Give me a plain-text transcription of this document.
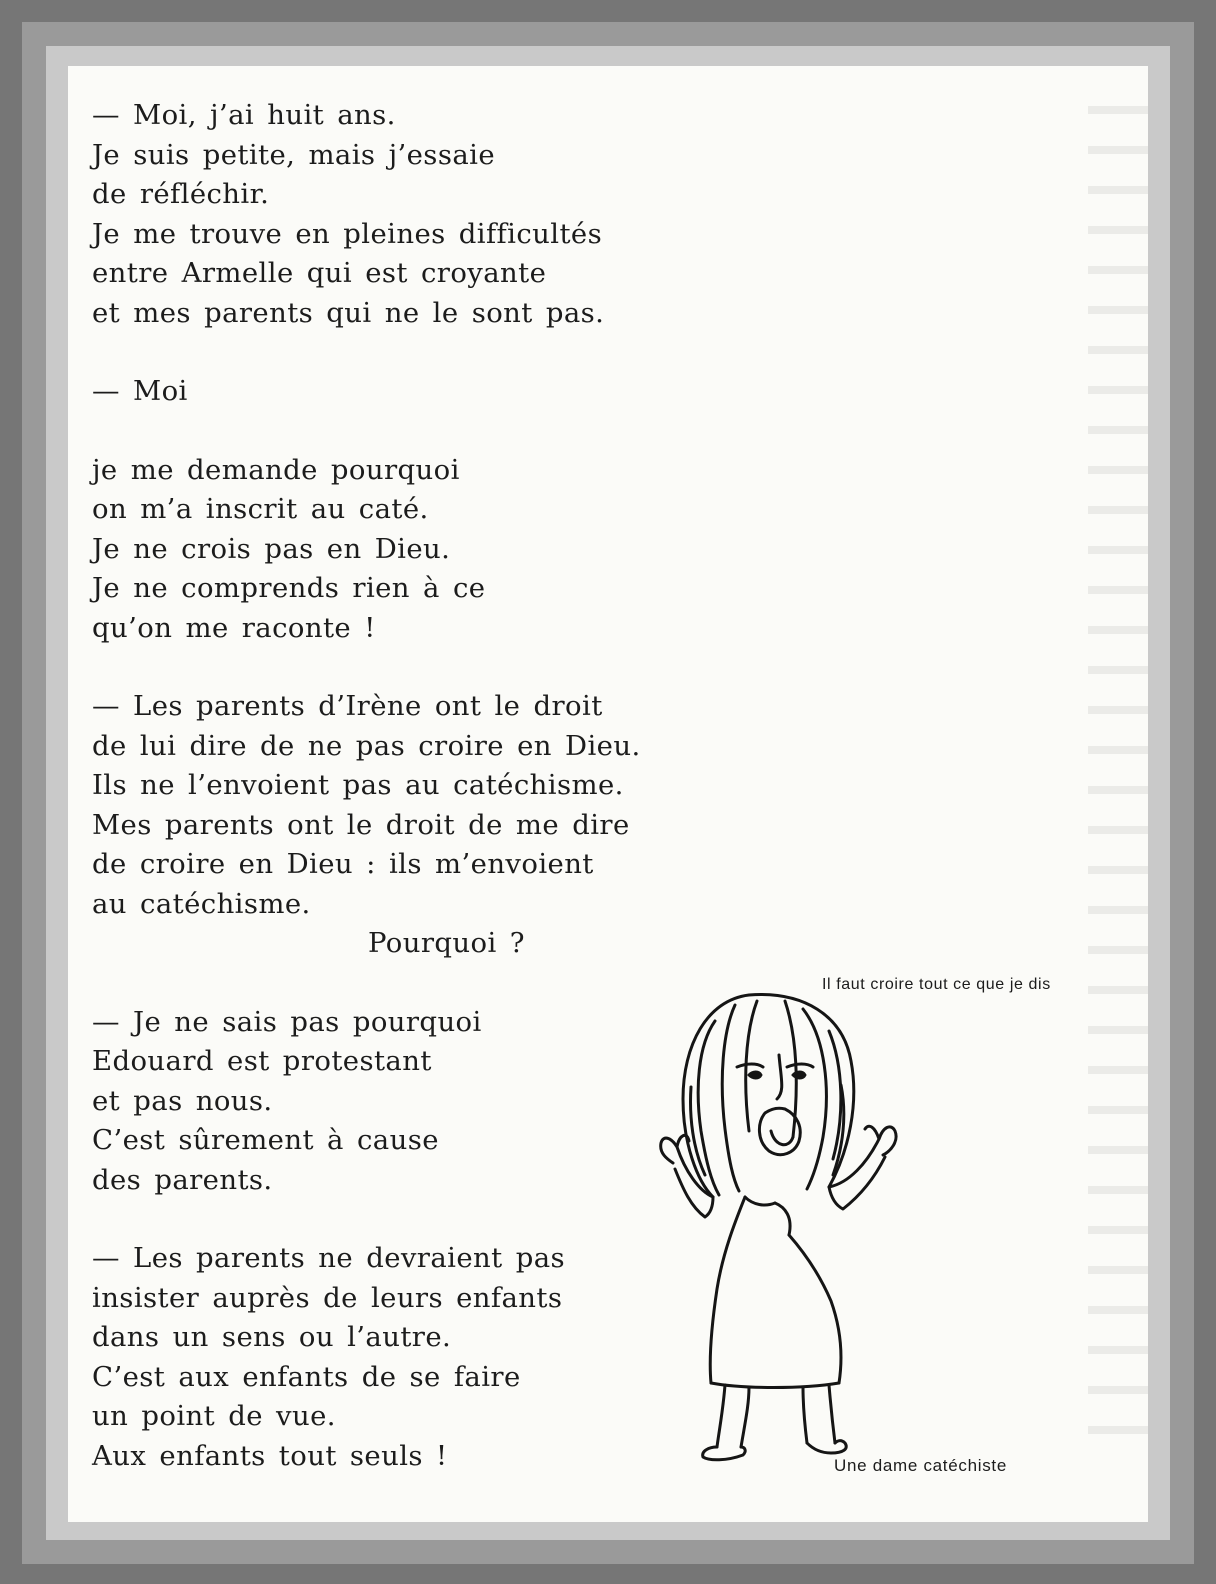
— Moi, j’ai huit ans.
Je suis petite, mais j’essaie
de réfléchir.
Je me trouve en pleines difficultés
entre Armelle qui est croyante
et mes parents qui ne le sont pas.
— Moi
je me demande pourquoi
on m’a inscrit au caté.
Je ne crois pas en Dieu.
Je ne comprends rien à ce
qu’on me raconte !
— Les parents d’Irène ont le droit
de lui dire de ne pas croire en Dieu.
Ils ne l’envoient pas au catéchisme.
Mes parents ont le droit de me dire
de croire en Dieu : ils m’envoient
au catéchisme.
Pourquoi ?
— Je ne sais pas pourquoi
Edouard est protestant
et pas nous.
C’est sûrement à cause
des parents.
— Les parents ne devraient pas
insister auprès de leurs enfants
dans un sens ou l’autre.
C’est aux enfants de se faire
un point de vue.
Aux enfants tout seuls !
Il faut croire tout ce que je dis
Une dame catéchiste
